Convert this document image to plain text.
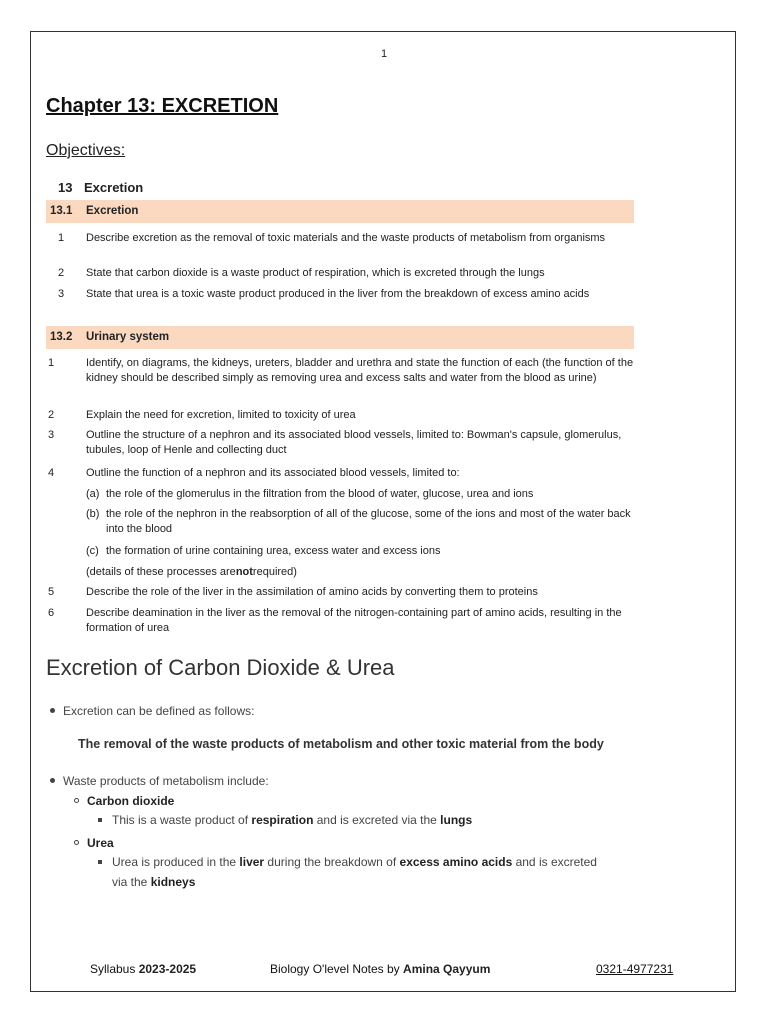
1
Chapter 13: EXCRETION
Objectives:
13 Excretion
13.1	Excretion
1	Describe excretion as the removal of toxic materials and the waste products of metabolism from organisms
2	State that carbon dioxide is a waste product of respiration, which is excreted through the lungs
3	State that urea is a toxic waste product produced in the liver from the breakdown of excess amino acids
13.2	Urinary system
1	Identify, on diagrams, the kidneys, ureters, bladder and urethra and state the function of each (the function of the kidney should be described simply as removing urea and excess salts and water from the blood as urine)
2	Explain the need for excretion, limited to toxicity of urea
3	Outline the structure of a nephron and its associated blood vessels, limited to: Bowman's capsule, glomerulus, tubules, loop of Henle and collecting duct
4	Outline the function of a nephron and its associated blood vessels, limited to:
(a) the role of the glomerulus in the filtration from the blood of water, glucose, urea and ions
(b) the role of the nephron in the reabsorption of all of the glucose, some of the ions and most of the water back into the blood
(c) the formation of urine containing urea, excess water and excess ions
(details of these processes are not required)
5	Describe the role of the liver in the assimilation of amino acids by converting them to proteins
6	Describe deamination in the liver as the removal of the nitrogen-containing part of amino acids, resulting in the formation of urea
Excretion of Carbon Dioxide & Urea
Excretion can be defined as follows:
The removal of the waste products of metabolism and other toxic material from the body
Waste products of metabolism include:
Carbon dioxide
This is a waste product of respiration and is excreted via the lungs
Urea
Urea is produced in the liver during the breakdown of excess amino acids and is excreted
via the kidneys
Syllabus 2023-2025	Biology O'level Notes by Amina Qayyum	0321-4977231
